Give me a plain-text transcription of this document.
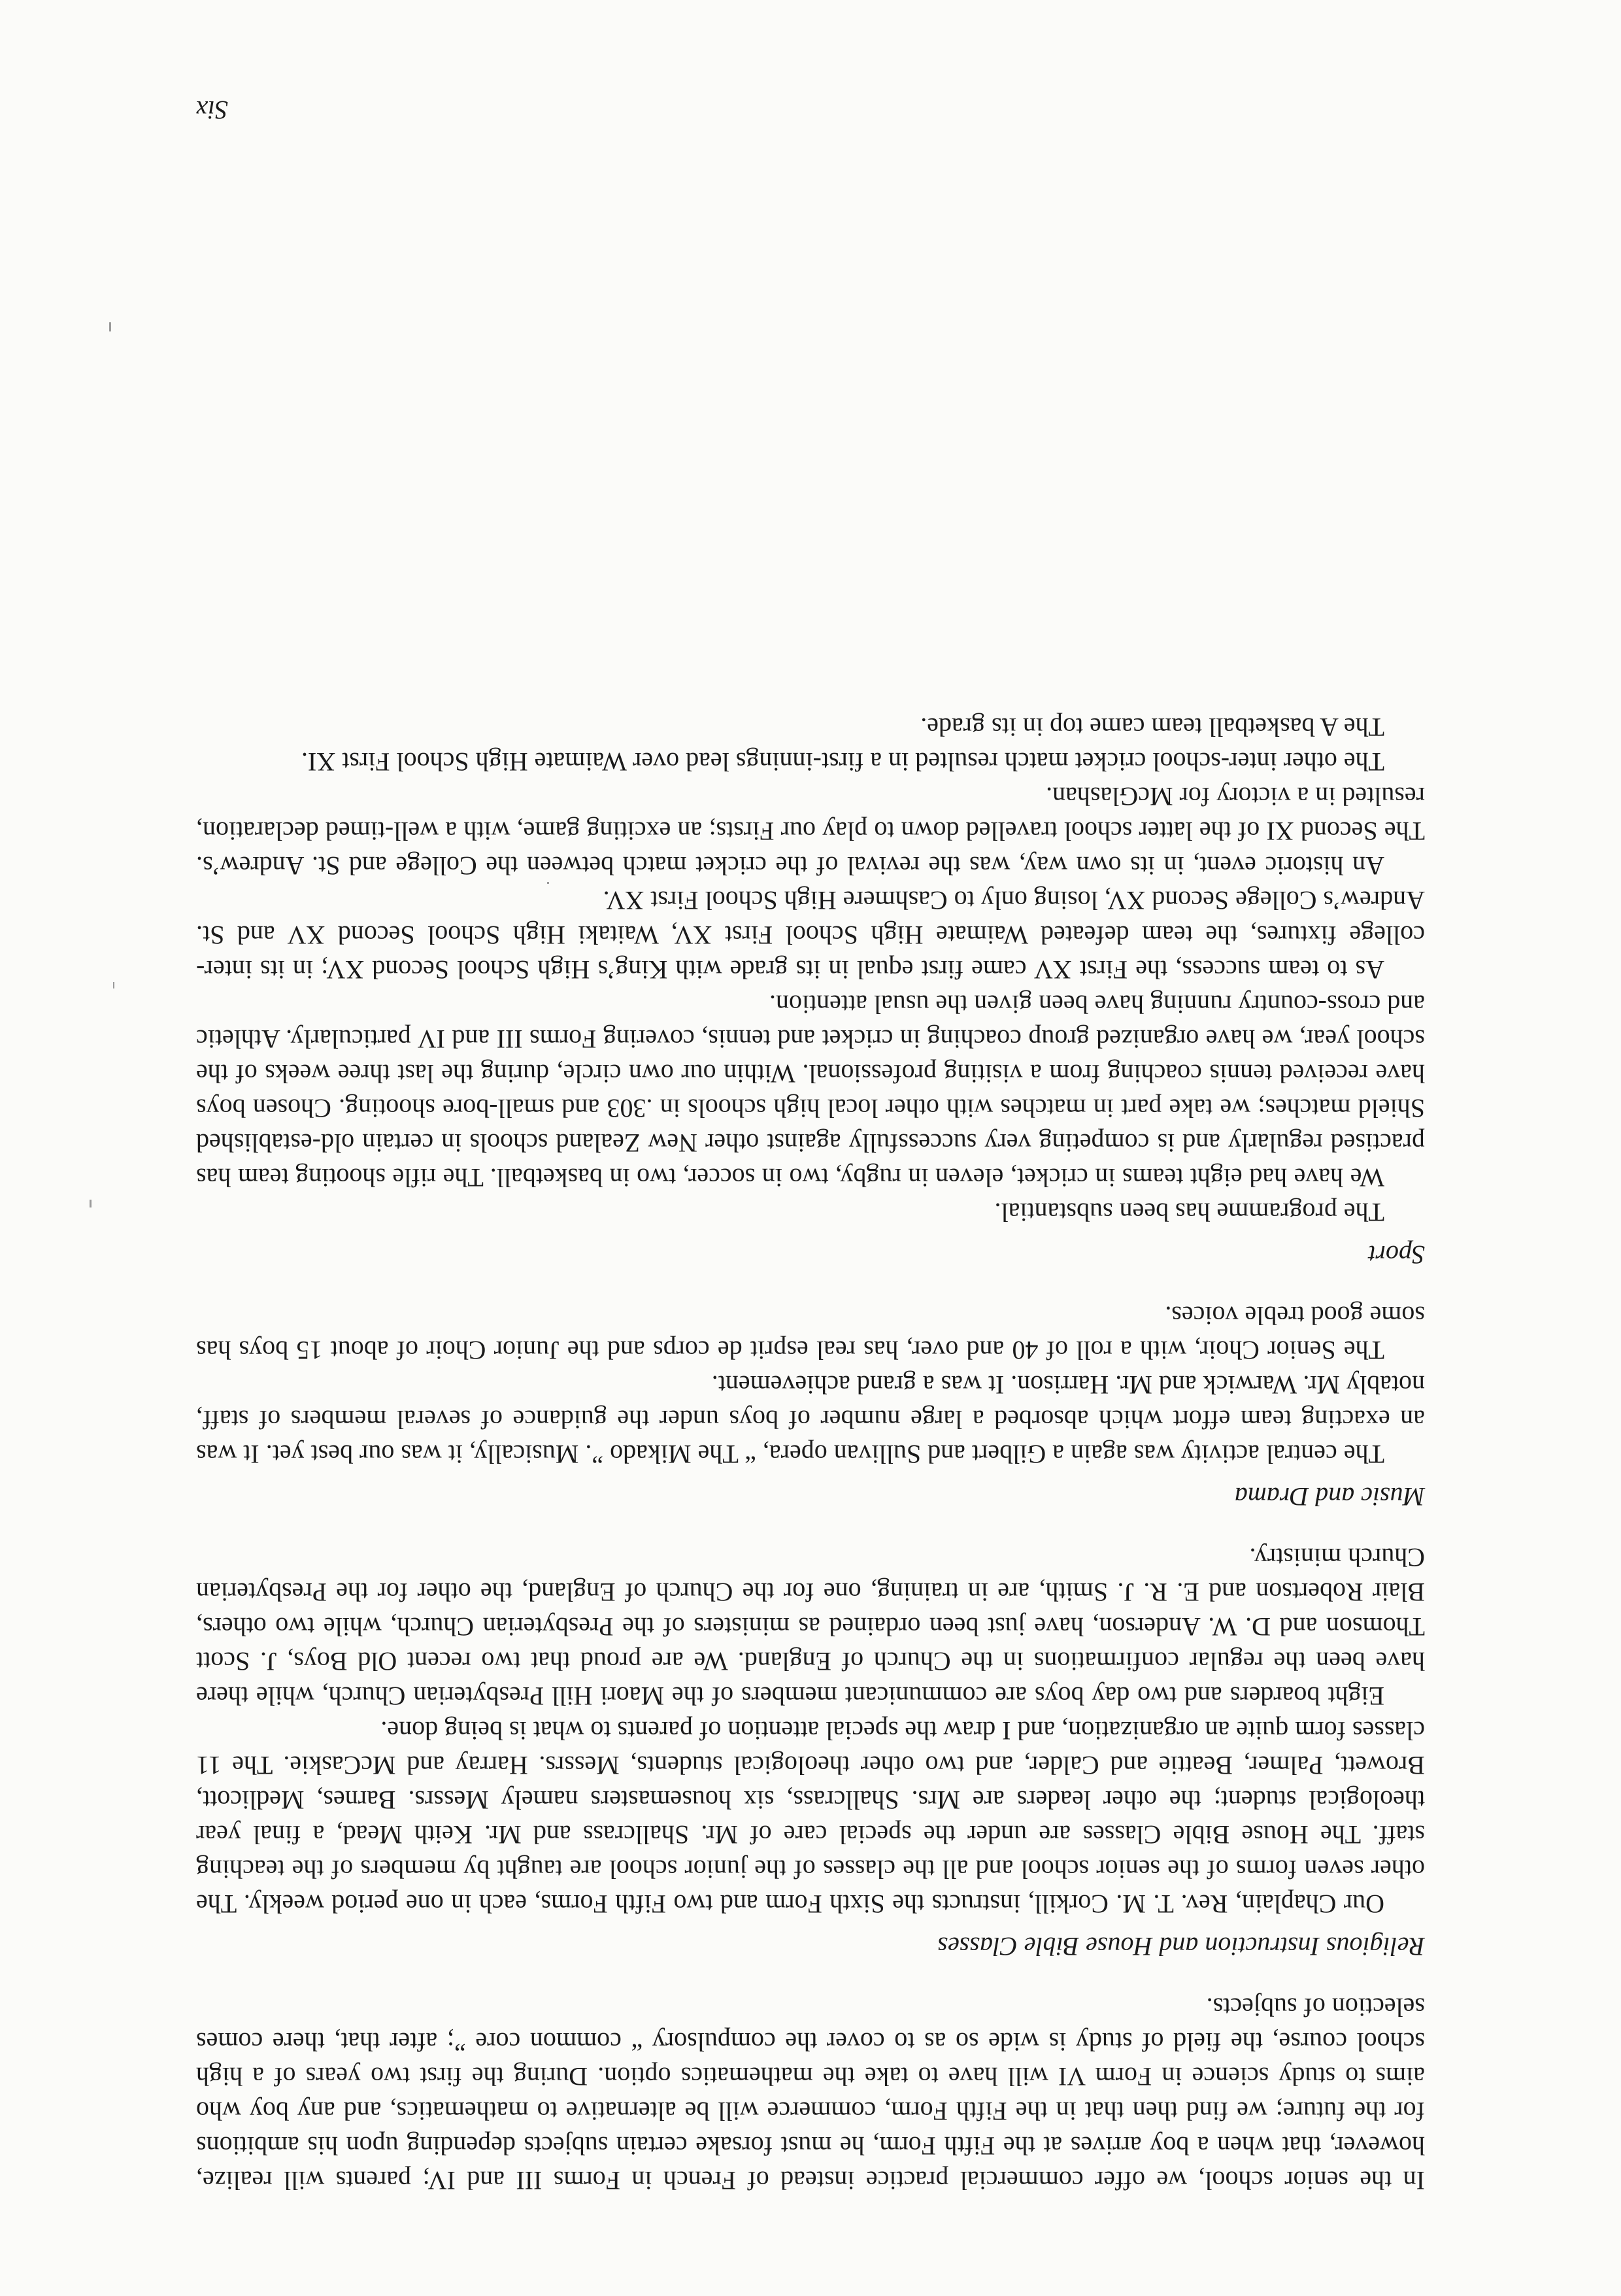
In the senior school, we offer commercial practice instead of French in Forms III and IV; parents will realize, however, that when a boy arrives at the Fifth Form, he must forsake certain subjects depending upon his ambitions for the future; we find then that in the Fifth Form, commerce will be alternative to mathematics, and any boy who aims to study science in Form VI will have to take the mathematics option. During the first two years of a high school course, the field of study is wide so as to cover the compulsory “ common core ”; after that, there comes selection of subjects.

Religious Instruction and House Bible Classes

Our Chaplain, Rev. T. M. Corkill, instructs the Sixth Form and two Fifth Forms, each in one period weekly. The other seven forms of the senior school and all the classes of the junior school are taught by members of the teaching staff. The House Bible Classes are under the special care of Mr. Shallcrass and Mr. Keith Mead, a final year theological student; the other leaders are Mrs. Shallcrass, six housemasters namely Messrs. Barnes, Medlicott, Browett, Palmer, Beattie and Calder, and two other theological students, Messrs. Harray and McCaskie. The 11 classes form quite an organization, and I draw the special attention of parents to what is being done.

Eight boarders and two day boys are communicant members of the Maori Hill Presbyterian Church, while there have been the regular confirmations in the Church of England. We are proud that two recent Old Boys, J. Scott Thomson and D. W. Anderson, have just been ordained as ministers of the Presbyterian Church, while two others, Blair Robertson and E. R. J. Smith, are in training, one for the Church of England, the other for the Presbyterian Church ministry.

Music and Drama

The central activity was again a Gilbert and Sullivan opera, “ The Mikado ”. Musically, it was our best yet. It was an exacting team effort which absorbed a large number of boys under the guidance of several members of staff, notably Mr. Warwick and Mr. Harrison. It was a grand achievement.

The Senior Choir, with a roll of 40 and over, has real esprit de corps and the Junior Choir of about 15 boys has some good treble voices.

Sport

The programme has been substantial.

We have had eight teams in cricket, eleven in rugby, two in soccer, two in basketball. The rifle shooting team has practised regularly and is competing very successfully against other New Zealand schools in certain old-established Shield matches; we take part in matches with other local high schools in .303 and small-bore shooting. Chosen boys have received tennis coaching from a visiting professional. Within our own circle, during the last three weeks of the school year, we have organized group coaching in cricket and tennis, covering Forms III and IV particularly. Athletic and cross-country running have been given the usual attention.

As to team success, the First XV came first equal in its grade with King’s High School Second XV; in its inter-college fixtures, the team defeated Waimate High School First XV, Waitaki High School Second XV and St. Andrew’s College Second XV, losing only to Cashmere High School First XV.

An historic event, in its own way, was the revival of the cricket match between the College and St. Andrew’s. The Second XI of the latter school travelled down to play our Firsts; an exciting game, with a well-timed declaration, resulted in a victory for McGlashan.

The other inter-school cricket match resulted in a first-innings lead over Waimate High School First XI.

The A basketball team came top in its grade.

Six
